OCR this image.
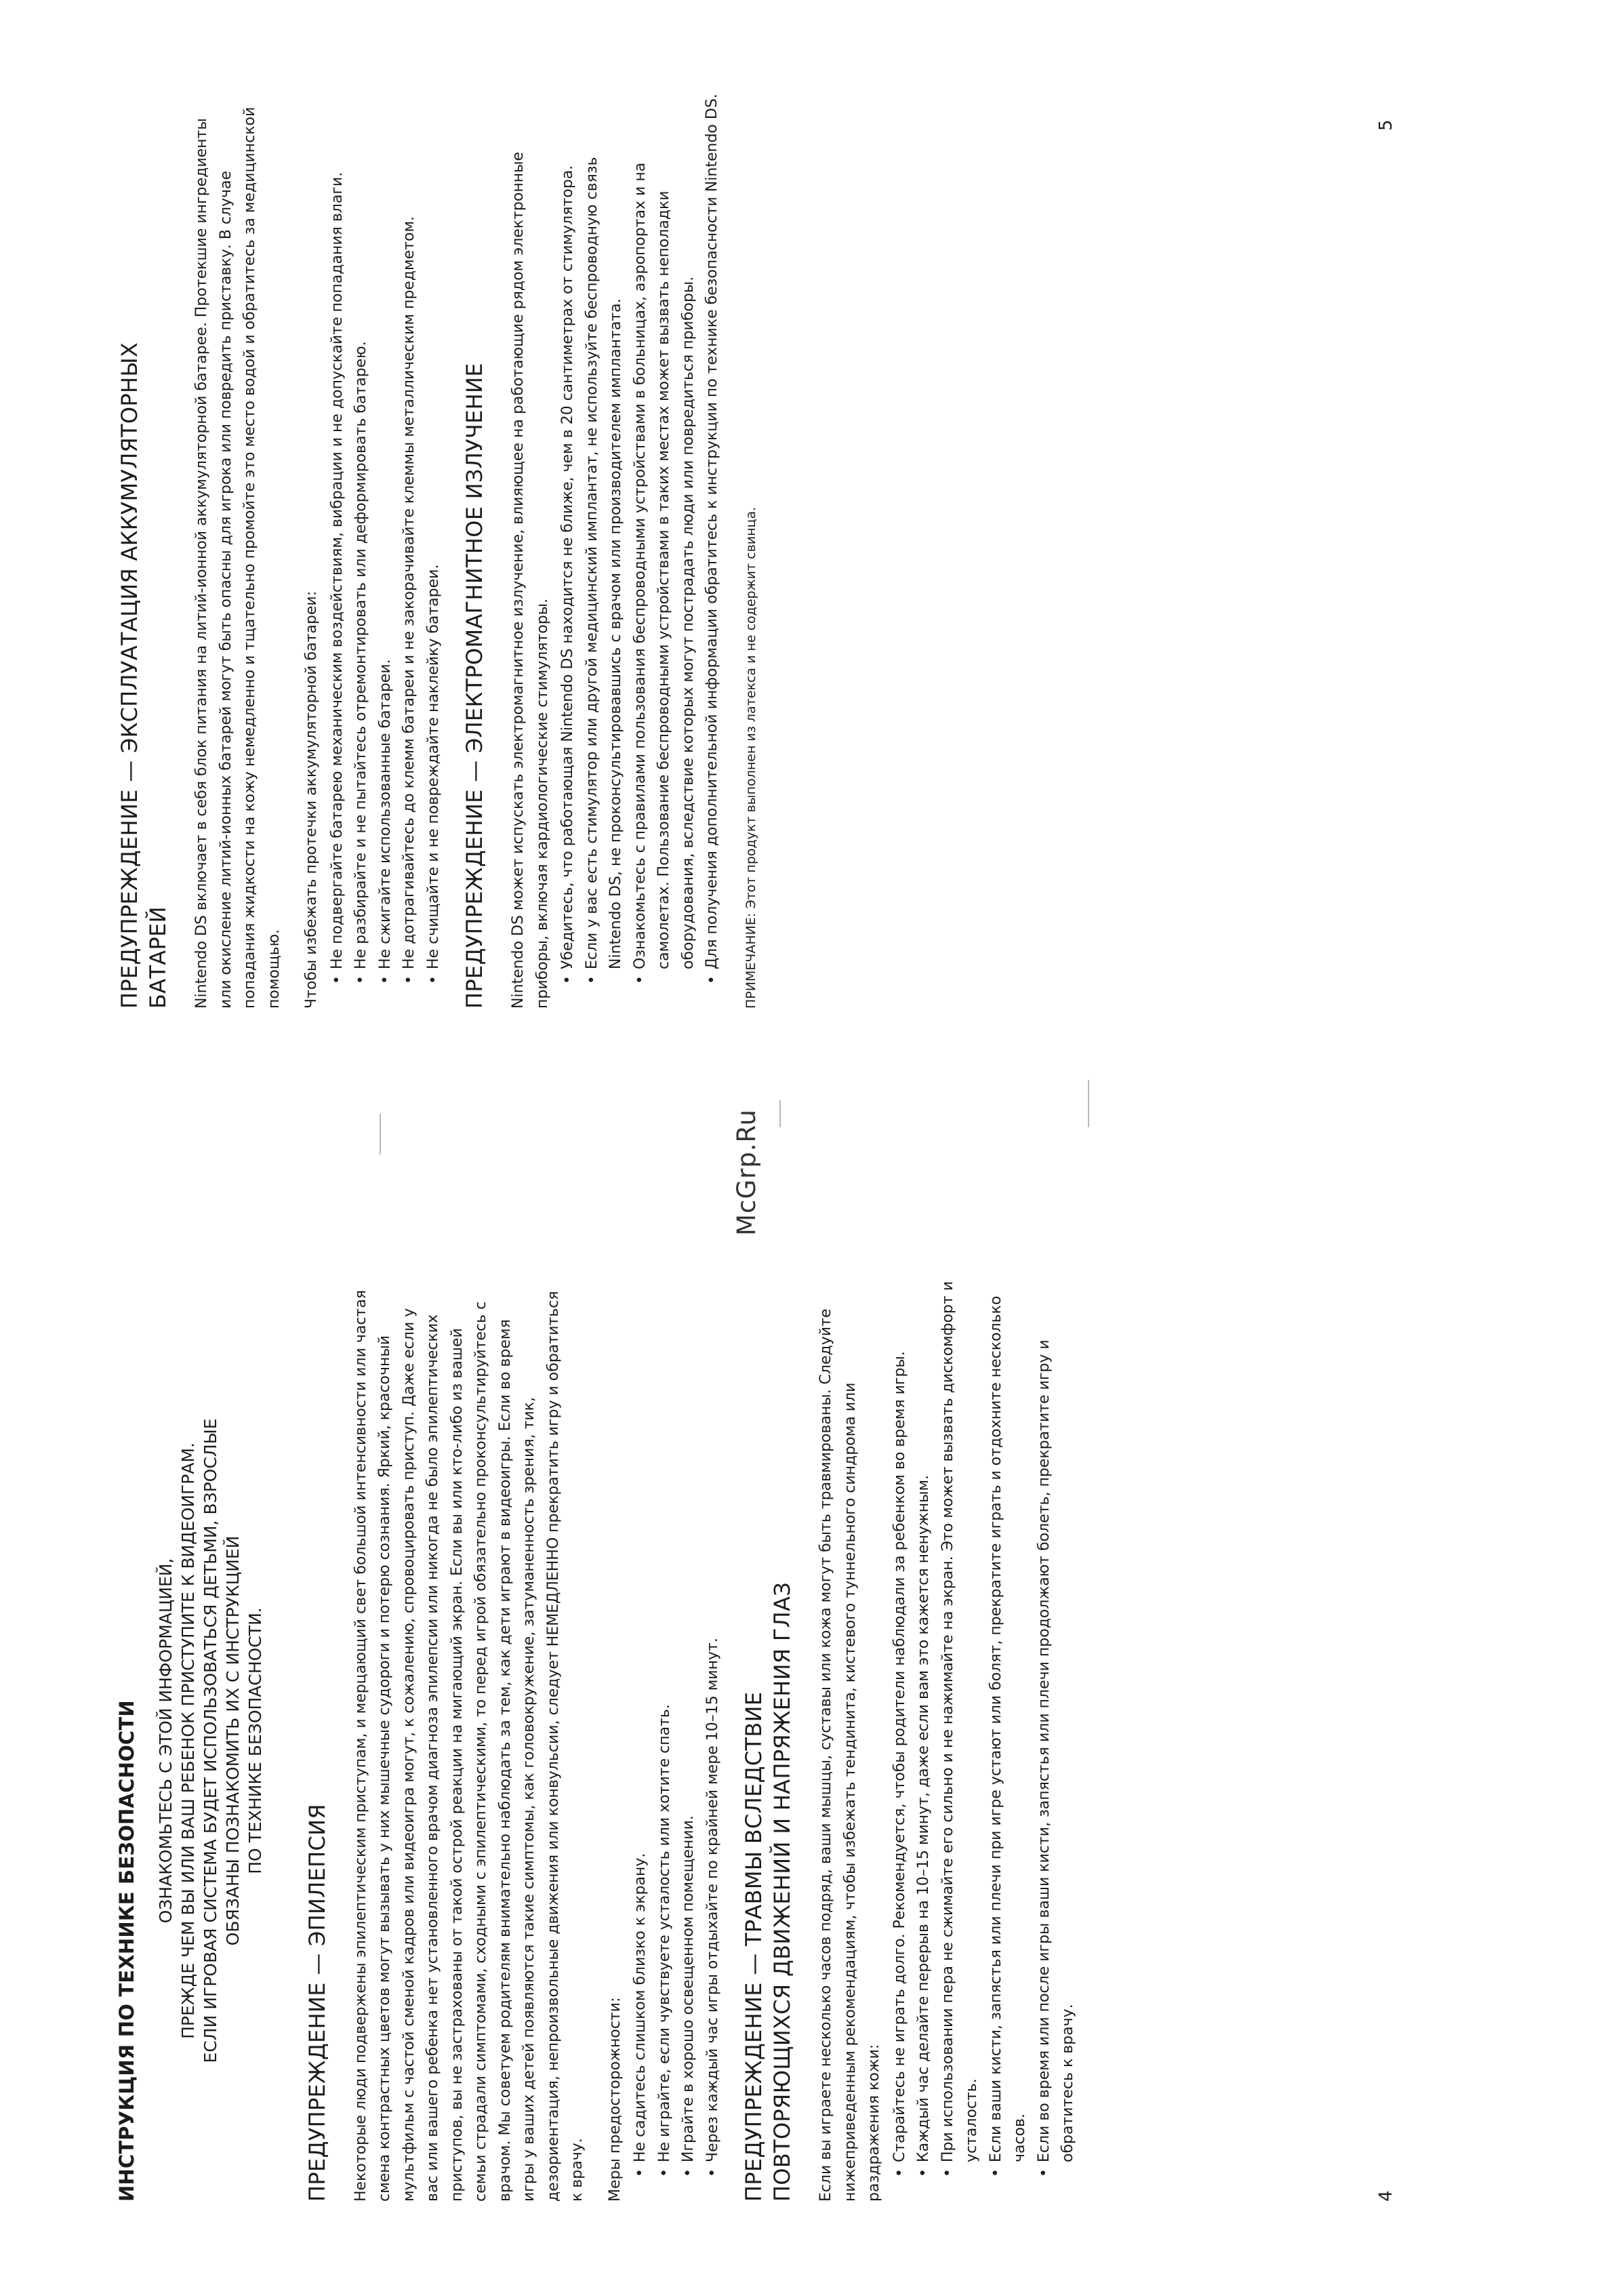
ИНСТРУКЦИЯ ПО ТЕХНИКЕ БЕЗОПАСНОСТИ ОЗНАКОМЬТЕСЬ С ЭТОЙ ИНФОРМАЦИЕЙ, ПРЕЖДЕ ЧЕМ ВЫ ИЛИ ВАШ РЕБЕНОК ПРИСТУПИТЕ К ВИДЕОИГРАМ. ЕСЛИ ИГРОВАЯ СИСТЕМА БУДЕТ ИСПОЛЬЗОВАТЬСЯ ДЕТЬМИ, ВЗРОСЛЫЕ ОБЯЗАНЫ ПОЗНАКОМИТЬ ИХ С ИНСТРУКЦИЕЙ ПО ТЕХНИКЕ БЕЗОПАСНОСТИ.
ПРЕДУПРЕЖДЕНИЕ — ЭПИЛЕПСИЯ Некоторые люди подвержены эпилептическим приступам, и мерцающий свет большой интенсивности или частая смена контрастных цветов могут вызывать у них мышечные судороги и потерю сознания. Яркий, красочный мультфильм с частой сменой кадров или видеоигра могут, к сожалению, спровоцировать приступ. Даже если у вас или вашего ребенка нет установленного врачом диагноза эпилепсии или никогда не было эпилептических приступов, вы не застрахованы от такой острой реакции на мигающий экран. Если вы или кто-либо из вашей семьи страдали симптомами, сходными с эпилептическими, то перед игрой обязательно проконсультируйтесь с врачом. Мы советуем родителям внимательно наблюдать за тем, как дети играют в видеоигры. Если во время игры у ваших детей появляются такие симптомы, как головокружение, затуманенность зрения, тик, дезориентация, непроизвольные движения или конвульсии, следует НЕМЕДЛЕННО прекратить игру и обратиться к врачу. Меры предосторожности: • Не садитесь слишком близко к экрану. • Не играйте, если чувствуете усталость или хотите спать. • Играйте в хорошо освещенном помещении. • Через каждый час игры отдыхайте по крайней мере 10–15 минут. ПРЕДУПРЕЖДЕНИЕ — ТРАВМЫ ВСЛЕДСТВИЕ ПОВТОРЯЮЩИХСЯ ДВИЖЕНИЙ И НАПРЯЖЕНИЯ ГЛАЗ Если вы играете несколько часов подряд, ваши мышцы, суставы или кожа могут быть травмированы. Следуйте нижеприведенным рекомендациям, чтобы избежать тендинита, кистевого туннельного синдрома или раздражения кожи: • Старайтесь не играть долго. Рекомендуется, чтобы родители наблюдали за ребенком во время игры. • Каждый час делайте перерыв на 10–15 минут, даже если вам это кажется ненужным. • При использовании пера не сжимайте его сильно и не нажимайте на экран. Это может вызвать дискомфорт и усталость. • Если ваши кисти, запястья или плечи при игре устают или болят, прекратите играть и отдохните несколько часов. • Если во время или после игры ваши кисти, запястья или плечи продолжают болеть, прекратите игру и обратитесь к врачу.
4
McGrp.Ru
ПРЕДУПРЕЖДЕНИЕ — ЭКСПЛУАТАЦИЯ АККУМУЛЯТОРНЫХ БАТАРЕЙ Nintendo DS включает в себя блок питания на литий-ионной аккумуляторной батарее. Протекшие ингредиенты или окисление литий-ионных батарей могут быть опасны для игрока или повредить приставку. В случае попадания жидкости на кожу немедленно и тщательно промойте это место водой и обратитесь за медицинской помощью. Чтобы избежать протечки аккумуляторной батареи: • Не подвергайте батарею механическим воздействиям, вибрации и не допускайте попадания влаги. • Не разбирайте и не пытайтесь отремонтировать или деформировать батарею. • Не сжигайте использованные батареи. • Не дотрагивайтесь до клемм батареи и не закорачивайте клеммы металлическим предметом. • Не счищайте и не повреждайте наклейку батареи. ПРЕДУПРЕЖДЕНИЕ — ЭЛЕКТРОМАГНИТНОЕ ИЗЛУЧЕНИЕ Nintendo DS может испускать электромагнитное излучение, влияющее на работающие рядом электронные приборы, включая кардиологические стимуляторы. • Убедитесь, что работающая Nintendo DS находится не ближе, чем в 20 сантиметрах от стимулятора. • Если у вас есть стимулятор или другой медицинский имплантат, не используйте беспроводную связь Nintendo DS, не проконсультировавшись с врачом или производителем имплантата. • Ознакомьтесь с правилами пользования беспроводными устройствами в больницах, аэропортах и на самолетах. Пользование беспроводными устройствами в таких местах может вызвать неполадки оборудования, вследствие которых могут пострадать люди или повредиться приборы. • Для получения дополнительной информации обратитесь к инструкции по технике безопасности Nintendo DS.	ПРИМЕЧАНИЕ: Этот продукт выполнен из латекса и не содержит свинца.

5
